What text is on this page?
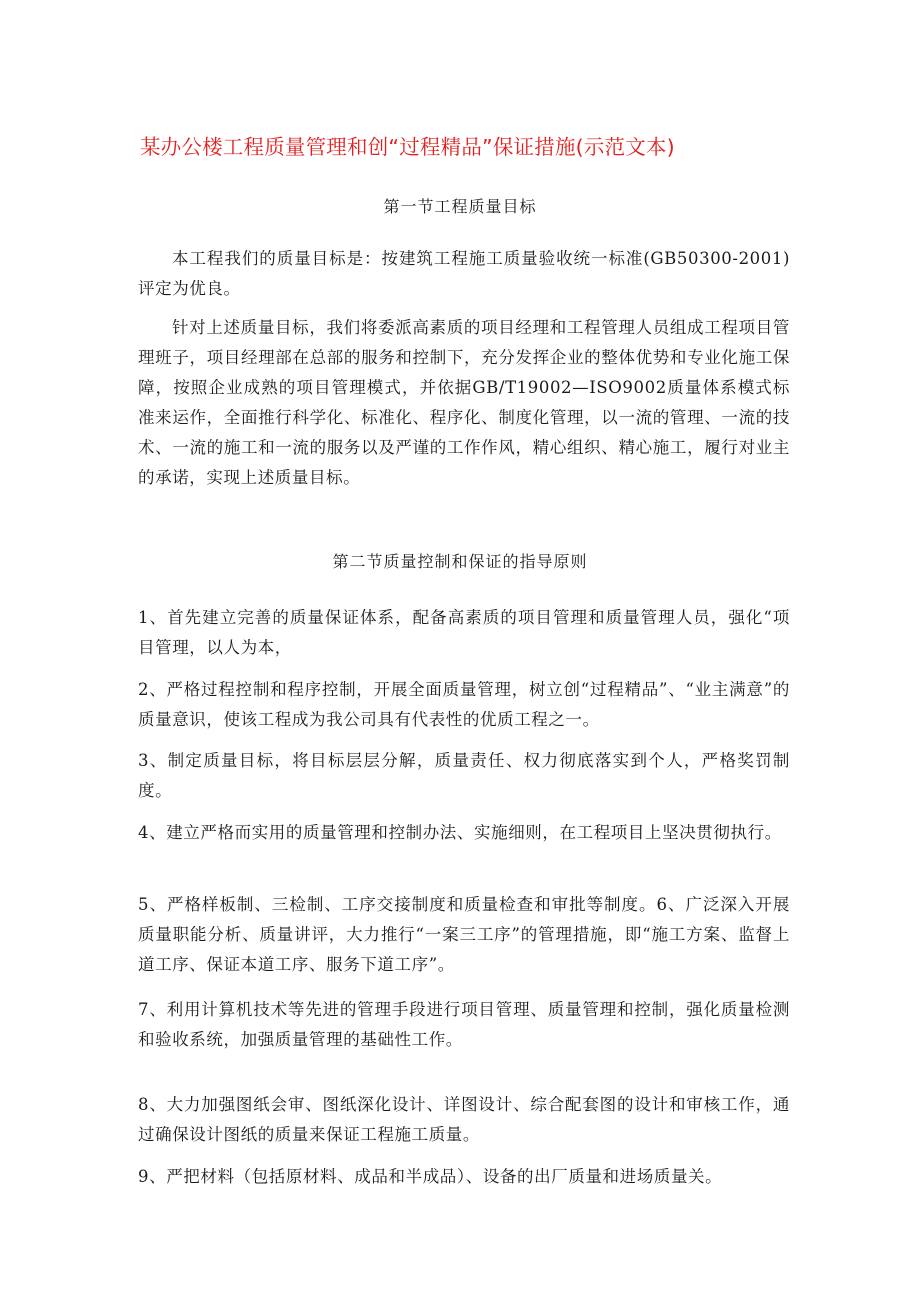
某办公楼工程质量管理和创“过程精品”保证措施(示范文本)
第一节工程质量目标

本工程我们的质量目标是：按建筑工程施工质量验收统一标准(GB50300-2001)评定为优良。

针对上述质量目标，我们将委派高素质的项目经理和工程管理人员组成工程项目管理班子，项目经理部在总部的服务和控制下，充分发挥企业的整体优势和专业化施工保障，按照企业成熟的项目管理模式，并依据GB/T19002—ISO9002质量体系模式标准来运作，全面推行科学化、标准化、程序化、制度化管理，以一流的管理、一流的技术、一流的施工和一流的服务以及严谨的工作作风，精心组织、精心施工，履行对业主的承诺，实现上述质量目标。

第二节质量控制和保证的指导原则

1、首先建立完善的质量保证体系，配备高素质的项目管理和质量管理人员，强化“项目管理，以人为本，

2、严格过程控制和程序控制，开展全面质量管理，树立创“过程精品”、“业主满意”的质量意识，使该工程成为我公司具有代表性的优质工程之一。

3、制定质量目标，将目标层层分解，质量责任、权力彻底落实到个人，严格奖罚制度。

4、建立严格而实用的质量管理和控制办法、实施细则，在工程项目上坚决贯彻执行。

5、严格样板制、三检制、工序交接制度和质量检查和审批等制度。6、广泛深入开展质量职能分析、质量讲评，大力推行“一案三工序”的管理措施，即“施工方案、监督上道工序、保证本道工序、服务下道工序”。

7、利用计算机技术等先进的管理手段进行项目管理、质量管理和控制，强化质量检测和验收系统，加强质量管理的基础性工作。

8、大力加强图纸会审、图纸深化设计、详图设计、综合配套图的设计和审核工作，通过确保设计图纸的质量来保证工程施工质量。

9、严把材料（包括原材料、成品和半成品）、设备的出厂质量和进场质量关。
